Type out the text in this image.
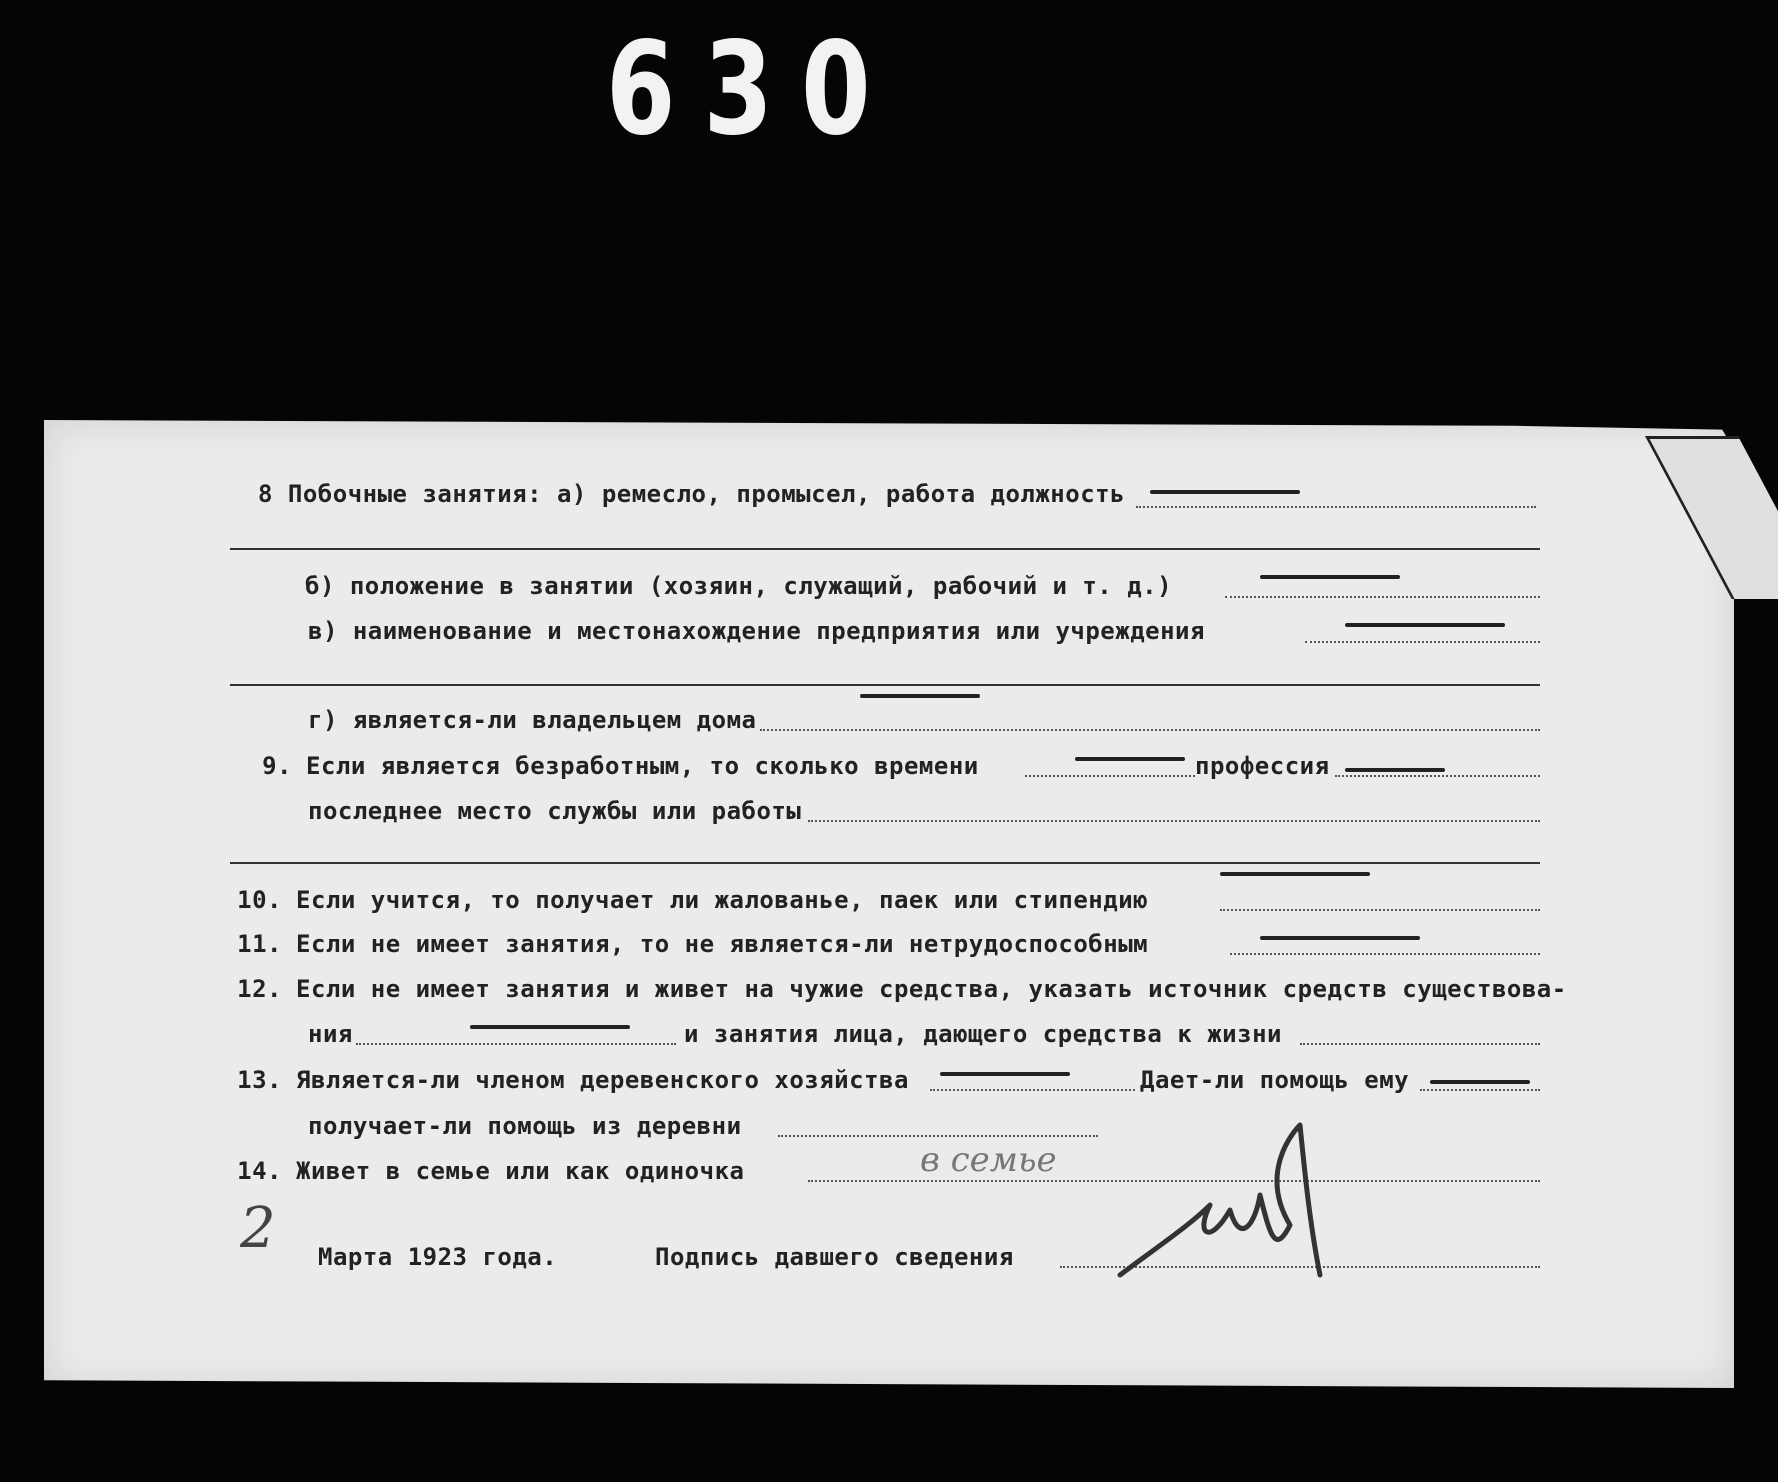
630
8 Побочные занятия: а) ремесло, промысел, работа должность
б) положение в занятии (хозяин, служащий, рабочий и т. д.)
в) наименование и местонахождение предприятия или учреждения
г) является-ли владельцем дома
9. Если является безработным, то сколько времени	профессия
последнее место службы или работы
10. Если учится, то получает ли жалованье, паек или стипендию
11. Если не имеет занятия, то не является-ли нетрудоспособным
12. Если не имеет занятия и живет на чужие средства, указать источник средств существова-
ния	и занятия лица, дающего средства к жизни
13. Является-ли членом деревенского хозяйства	Дает-ли помощь ему
получает-ли помощь из деревни
14. Живет в семье или как одиночка	в семье
2 Марта 1923 года.	Подпись давшего сведения
